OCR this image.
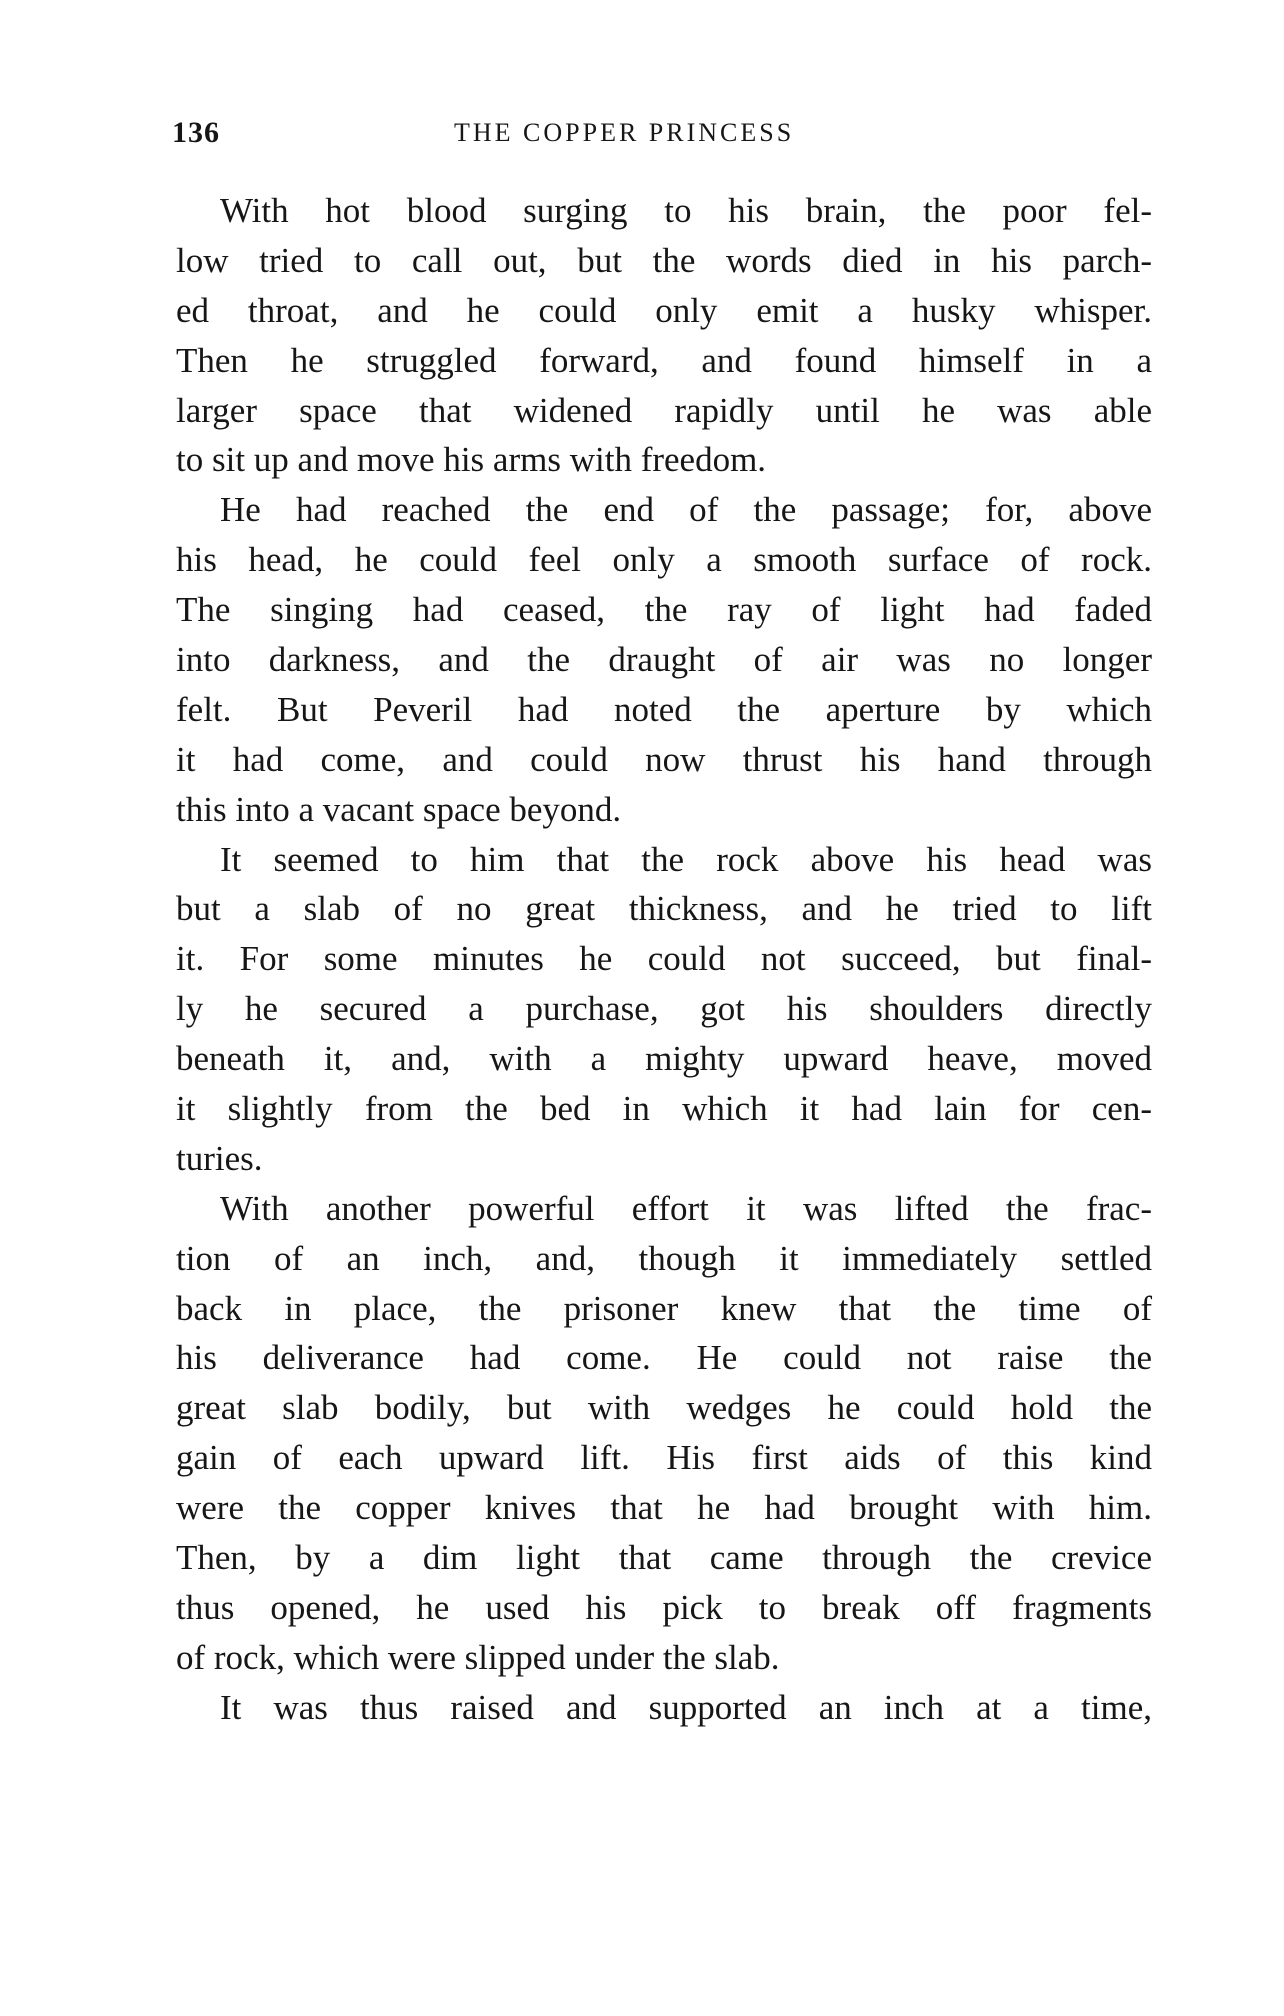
136	THE COPPER PRINCESS
With hot blood surging to his brain, the poor fel-
low tried to call out, but the words died in his parch-
ed throat, and he could only emit a husky whisper.
Then he struggled forward, and found himself in a
larger space that widened rapidly until he was able
to sit up and move his arms with freedom.
He had reached the end of the passage; for, above
his head, he could feel only a smooth surface of rock.
The singing had ceased, the ray of light had faded
into darkness, and the draught of air was no longer
felt. But Peveril had noted the aperture by which
it had come, and could now thrust his hand through
this into a vacant space beyond.
It seemed to him that the rock above his head was
but a slab of no great thickness, and he tried to lift
it. For some minutes he could not succeed, but final-
ly he secured a purchase, got his shoulders directly
beneath it, and, with a mighty upward heave, moved
it slightly from the bed in which it had lain for cen-
turies.
With another powerful effort it was lifted the frac-
tion of an inch, and, though it immediately settled
back in place, the prisoner knew that the time of
his deliverance had come. He could not raise the
great slab bodily, but with wedges he could hold the
gain of each upward lift. His first aids of this kind
were the copper knives that he had brought with him.
Then, by a dim light that came through the crevice
thus opened, he used his pick to break off fragments
of rock, which were slipped under the slab.
It was thus raised and supported an inch at a time,
